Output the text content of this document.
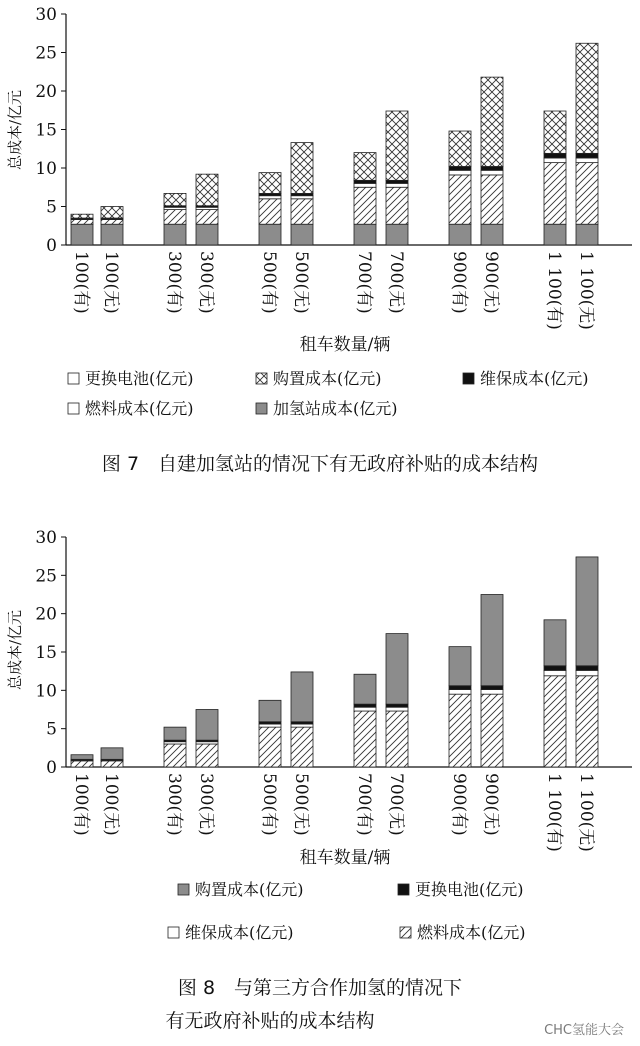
0
5
10
15
20
25
30
100(有) 100(无)	300(有) 300(无)	500(有) 500(无)	700(有) 700(无)	900(有) 900(无)	1 100(有) 1 100(无)
总成本/亿元
租车数量/辆
更换电池(亿元)	购置成本(亿元)	维保成本(亿元)
燃料成本(亿元)	加氢站成本(亿元)
图 7　自建加氢站的情况下有无政府补贴的成本结构
0
5
10
15
20
25
30
100(有) 100(无)	300(有) 300(无)	500(有) 500(无)	700(有) 700(无)	900(有) 900(无)	1 100(有) 1 100(无)
总成本/亿元
租车数量/辆
购置成本(亿元)	更换电池(亿元)
维保成本(亿元)	燃料成本(亿元)
图 8　与第三方合作加氢的情况下
有无政府补贴的成本结构	CHC氢能大会
